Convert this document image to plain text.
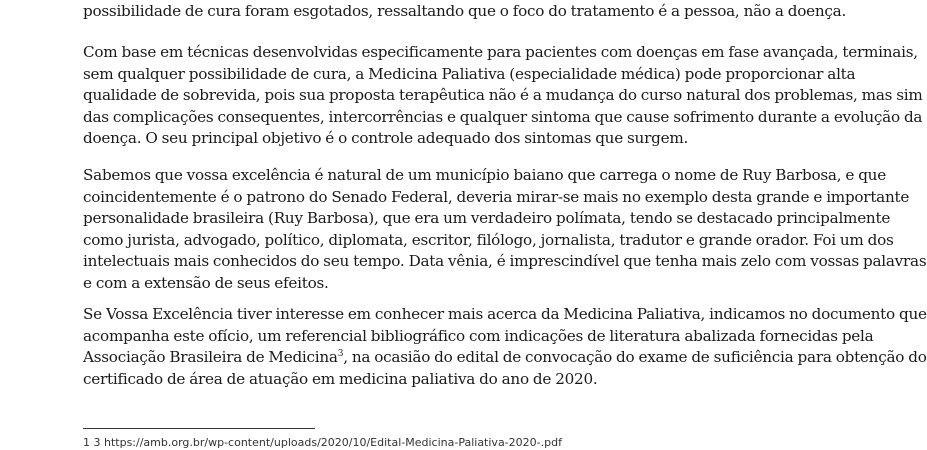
possibilidade de cura foram esgotados, ressaltando que o foco do tratamento é a pessoa, não a doença.

Com base em técnicas desenvolvidas especificamente para pacientes com doenças em fase avançada, terminais,
sem qualquer possibilidade de cura, a Medicina Paliativa (especialidade médica) pode proporcionar alta
qualidade de sobrevida, pois sua proposta terapêutica não é a mudança do curso natural dos problemas, mas sim
das complicações consequentes, intercorrências e qualquer sintoma que cause sofrimento durante a evolução da
doença. O seu principal objetivo é o controle adequado dos sintomas que surgem.

Sabemos que vossa excelência é natural de um município baiano que carrega o nome de Ruy Barbosa, e que
coincidentemente é o patrono do Senado Federal, deveria mirar-se mais no exemplo desta grande e importante
personalidade brasileira (Ruy Barbosa), que era um verdadeiro polímata, tendo se destacado principalmente
como jurista, advogado, político, diplomata, escritor, filólogo, jornalista, tradutor e grande orador. Foi um dos
intelectuais mais conhecidos do seu tempo. Data vênia, é imprescindível que tenha mais zelo com vossas palavras
e com a extensão de seus efeitos.

Se Vossa Excelência tiver interesse em conhecer mais acerca da Medicina Paliativa, indicamos no documento que
acompanha este ofício, um referencial bibliográfico com indicações de literatura abalizada fornecidas pela
Associação Brasileira de Medicina$^3$, na ocasião do edital de convocação do exame de suficiência para obtenção do
certificado de área de atuação em medicina paliativa do ano de 2020.

1 3 https://amb.org.br/wp-content/uploads/2020/10/Edital-Medicina-Paliativa-2020-.pdf
